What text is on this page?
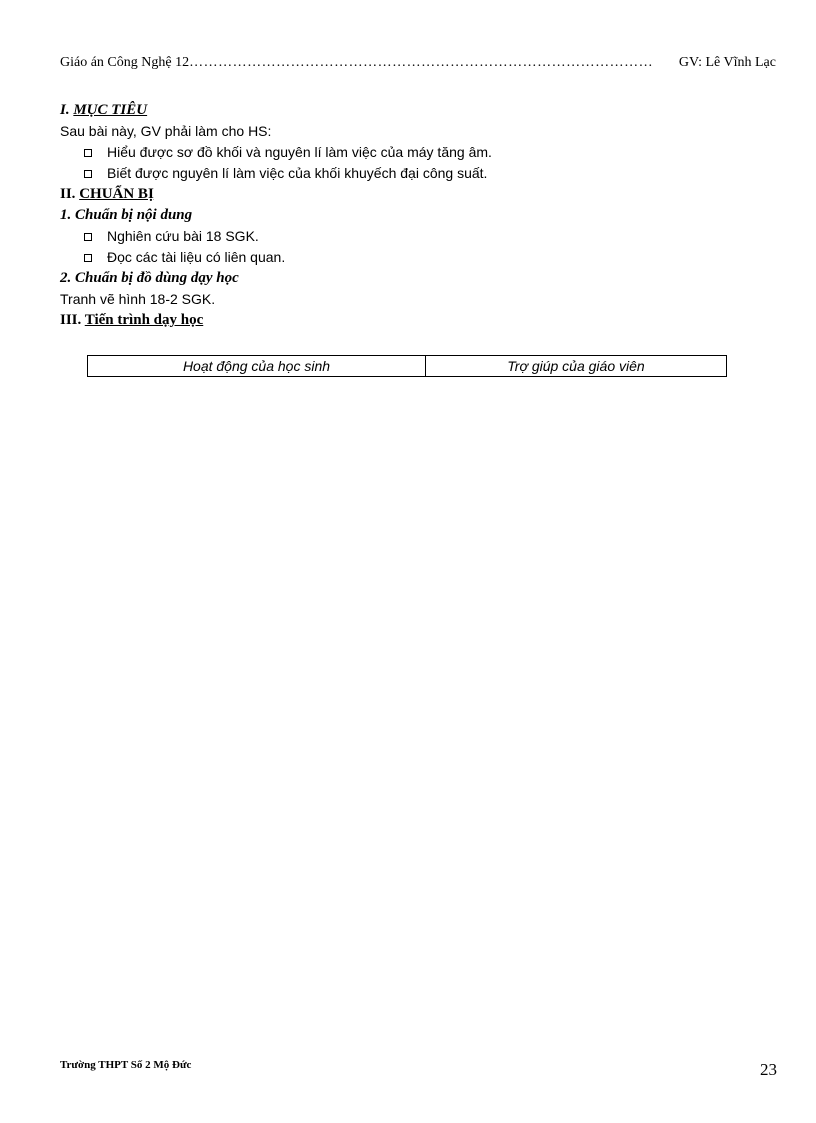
Giáo án Công Nghệ 12 ……………………………………………………………………………………	GV: Lê Vĩnh Lạc
I. MỤC TIÊU
Sau bài này, GV phải làm cho HS:
Hiểu được sơ đồ khối và nguyên lí làm việc của máy tăng âm.
Biết được nguyên lí làm việc của khối khuyếch đại công suất.
II. CHUẨN BỊ
1. Chuẩn bị nội dung
Nghiên cứu bài 18 SGK.
Đọc các tài liệu có liên quan.
2. Chuẩn bị đồ dùng dạy học
Tranh vẽ hình 18-2 SGK.
III. Tiến trình dạy học
Hoạt động của học sinh	Trợ giúp của giáo viên
Trường THPT Số 2 Mộ Đức	23
